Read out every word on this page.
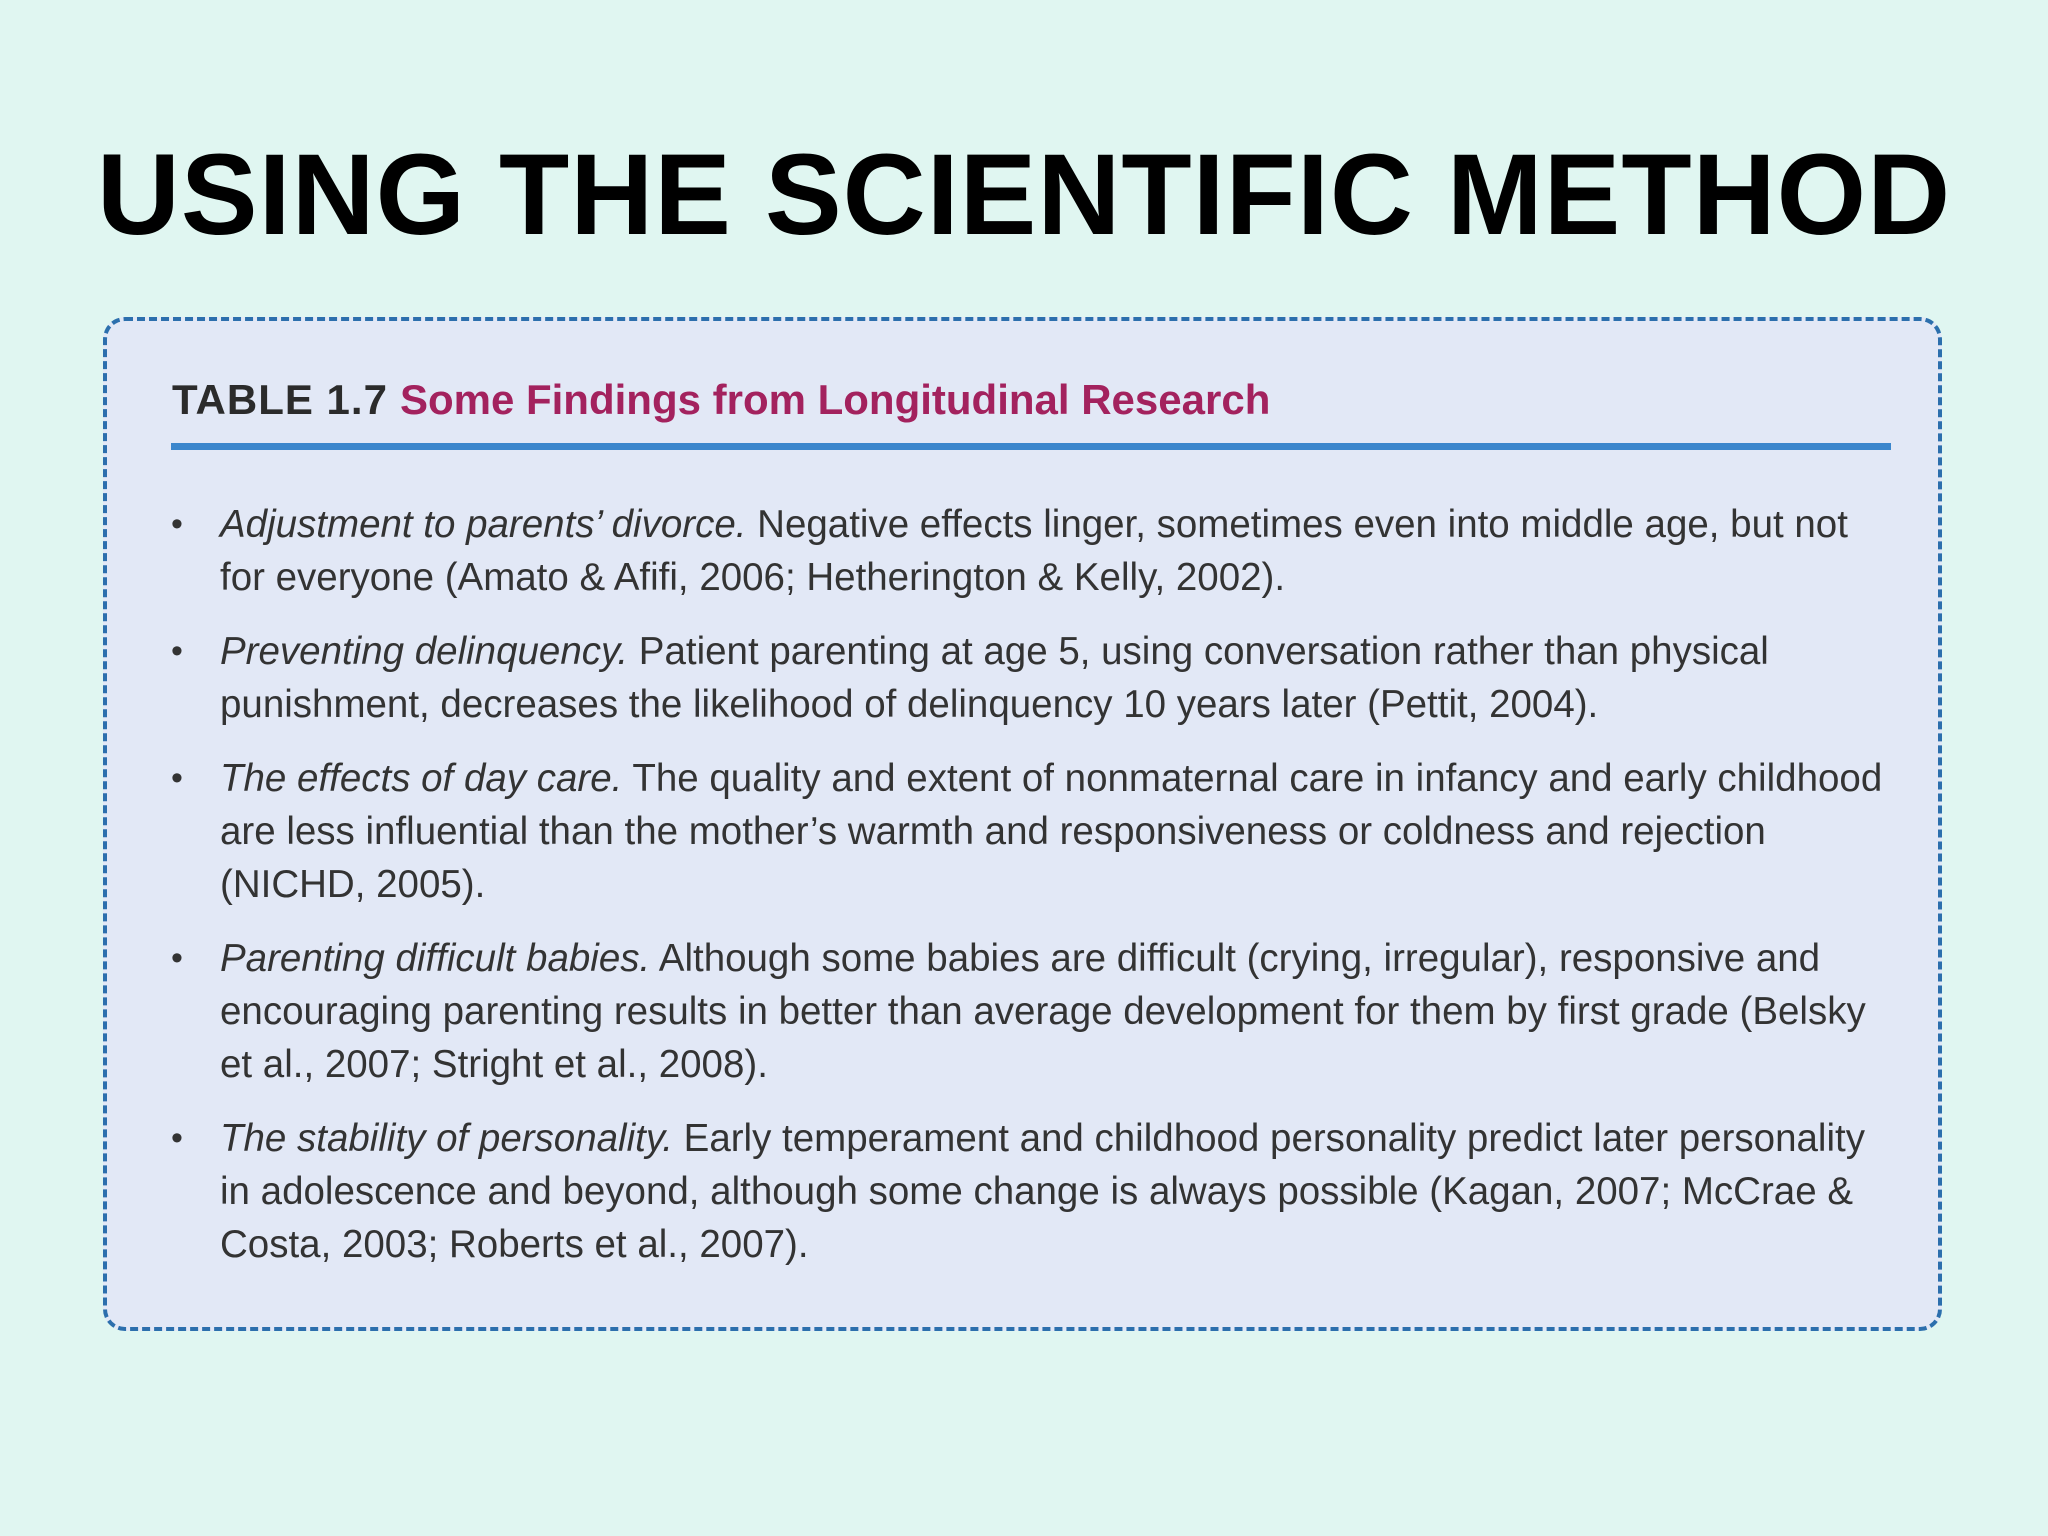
USING THE SCIENTIFIC METHOD
TABLE 1.7 Some Findings from Longitudinal Research
• Adjustment to parents’ divorce. Negative effects linger, sometimes even into middle age, but not for everyone (Amato & Afifi, 2006; Hetherington & Kelly, 2002).
• Preventing delinquency. Patient parenting at age 5, using conversation rather than physical punishment, decreases the likelihood of delinquency 10 years later (Pettit, 2004).
• The effects of day care. The quality and extent of nonmaternal care in infancy and early childhood are less influential than the mother’s warmth and responsiveness or coldness and rejection (NICHD, 2005).
• Parenting difficult babies. Although some babies are difficult (crying, irregular), responsive and encouraging parenting results in better than average development for them by first grade (Belsky et al., 2007; Stright et al., 2008).
• The stability of personality. Early temperament and childhood personality predict later personality in adolescence and beyond, although some change is always possible (Kagan, 2007; McCrae & Costa, 2003; Roberts et al., 2007).
